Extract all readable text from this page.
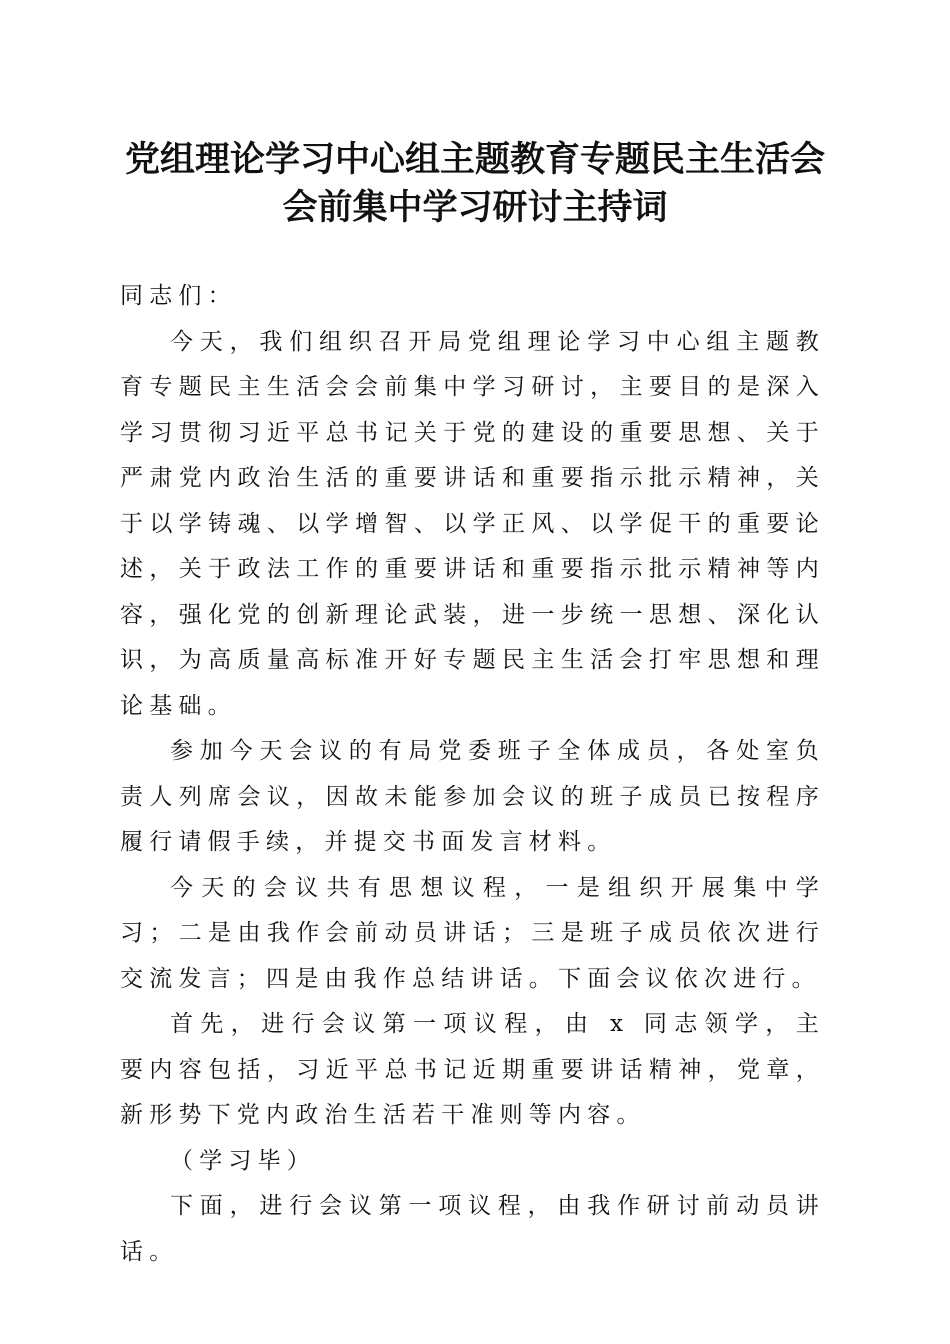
党组理论学习中心组主题教育专题民主生活会
会前集中学习研讨主持词

同志们：

今天，我们组织召开局党组理论学习中心组主题教育专题民主生活会会前集中学习研讨，主要目的是深入学习贯彻习近平总书记关于党的建设的重要思想、关于严肃党内政治生活的重要讲话和重要指示批示精神，关于以学铸魂、以学增智、以学正风、以学促干的重要论述，关于政法工作的重要讲话和重要指示批示精神等内容，强化党的创新理论武装，进一步统一思想、深化认识，为高质量高标准开好专题民主生活会打牢思想和理论基础。

参加今天会议的有局党委班子全体成员，各处室负责人列席会议，因故未能参加会议的班子成员已按程序履行请假手续，并提交书面发言材料。

今天的会议共有思想议程，一是组织开展集中学习；二是由我作会前动员讲话；三是班子成员依次进行交流发言；四是由我作总结讲话。下面会议依次进行。

首先，进行会议第一项议程，由 x 同志领学，主要内容包括，习近平总书记近期重要讲话精神，党章，新形势下党内政治生活若干准则等内容。

（学习毕）

下面，进行会议第一项议程，由我作研讨前动员讲话。
